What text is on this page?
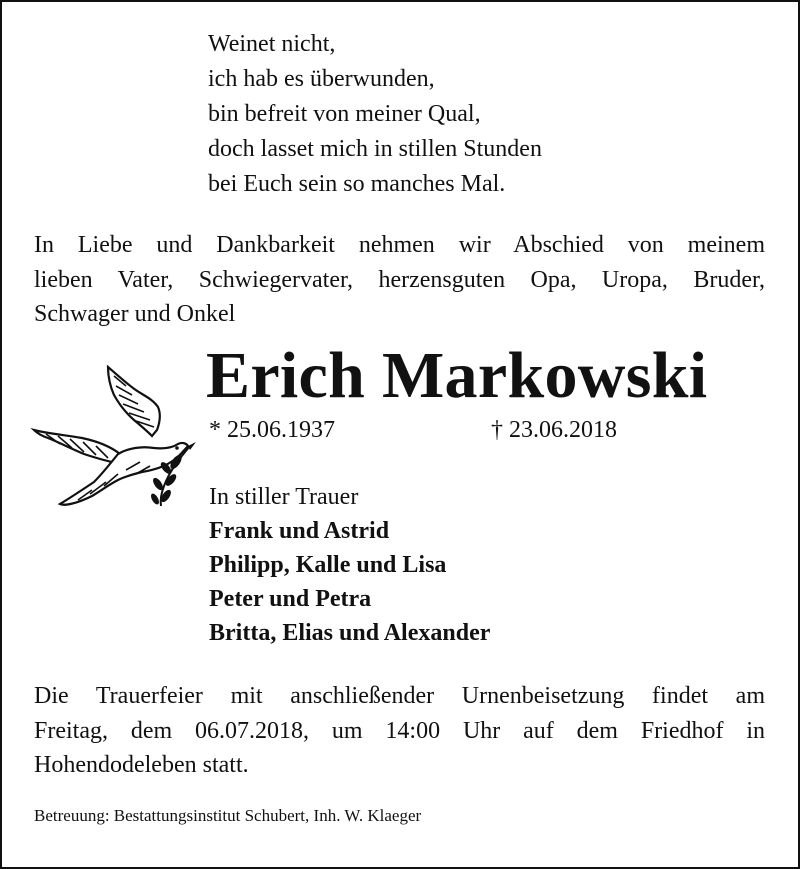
Weinet nicht,
ich hab es überwunden,
bin befreit von meiner Qual,
doch lasset mich in stillen Stunden
bei Euch sein so manches Mal.
In Liebe und Dankbarkeit nehmen wir Abschied von meinem
lieben Vater, Schwiegervater, herzensguten Opa, Uropa, Bruder,
Schwager und Onkel
Erich Markowski
* 25.06.1937	† 23.06.2018
In stiller Trauer
Frank und Astrid
Philipp, Kalle und Lisa
Peter und Petra
Britta, Elias und Alexander
Die Trauerfeier mit anschließender Urnenbeisetzung findet am
Freitag, dem 06.07.2018, um 14:00 Uhr auf dem Friedhof in
Hohendodeleben statt.
Betreuung: Bestattungsinstitut Schubert, Inh. W. Klaeger
